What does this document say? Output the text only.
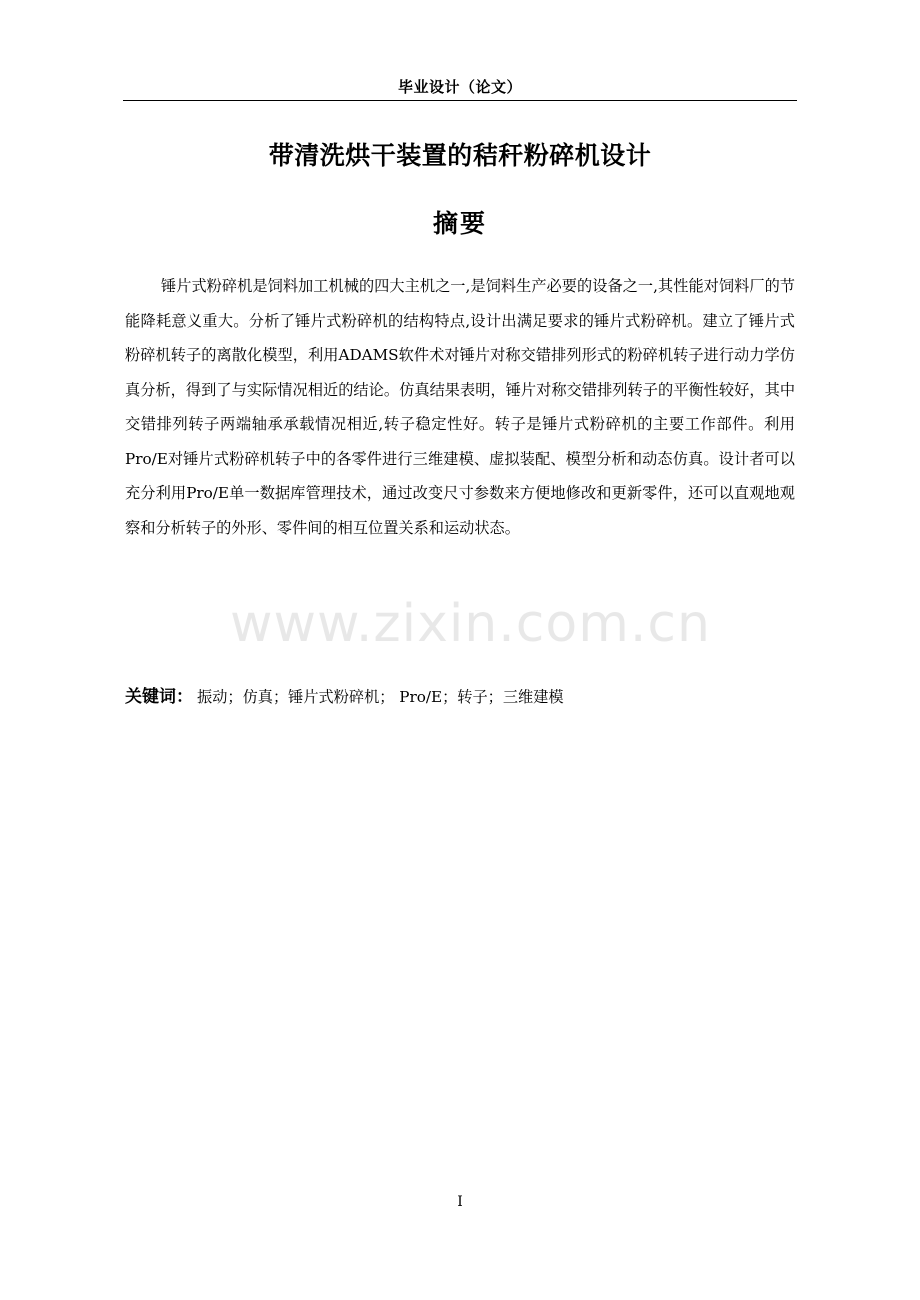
毕业设计（论文）
带清洗烘干装置的秸秆粉碎机设计
摘要

锤片式粉碎机是饲料加工机械的四大主机之一,是饲料生产必要的设备之一,其性能对饲料厂的节能降耗意义重大。分析了锤片式粉碎机的结构特点,设计出满足要求的锤片式粉碎机。建立了锤片式粉碎机转子的离散化模型，利用ADAMS软件术对锤片对称交错排列形式的粉碎机转子进行动力学仿真分析，得到了与实际情况相近的结论。仿真结果表明，锤片对称交错排列转子的平衡性较好，其中交错排列转子两端轴承承载情况相近,转子稳定性好。转子是锤片式粉碎机的主要工作部件。利用Pro/E对锤片式粉碎机转子中的各零件进行三维建模、虚拟装配、模型分析和动态仿真。设计者可以充分利用Pro/E单一数据库管理技术，通过改变尺寸参数来方便地修改和更新零件，还可以直观地观察和分析转子的外形、零件间的相互位置关系和运动状态。

www.zixin.com.cn
关键词： 振动；仿真；锤片式粉碎机； Pro/E；转子；三维建模
I
